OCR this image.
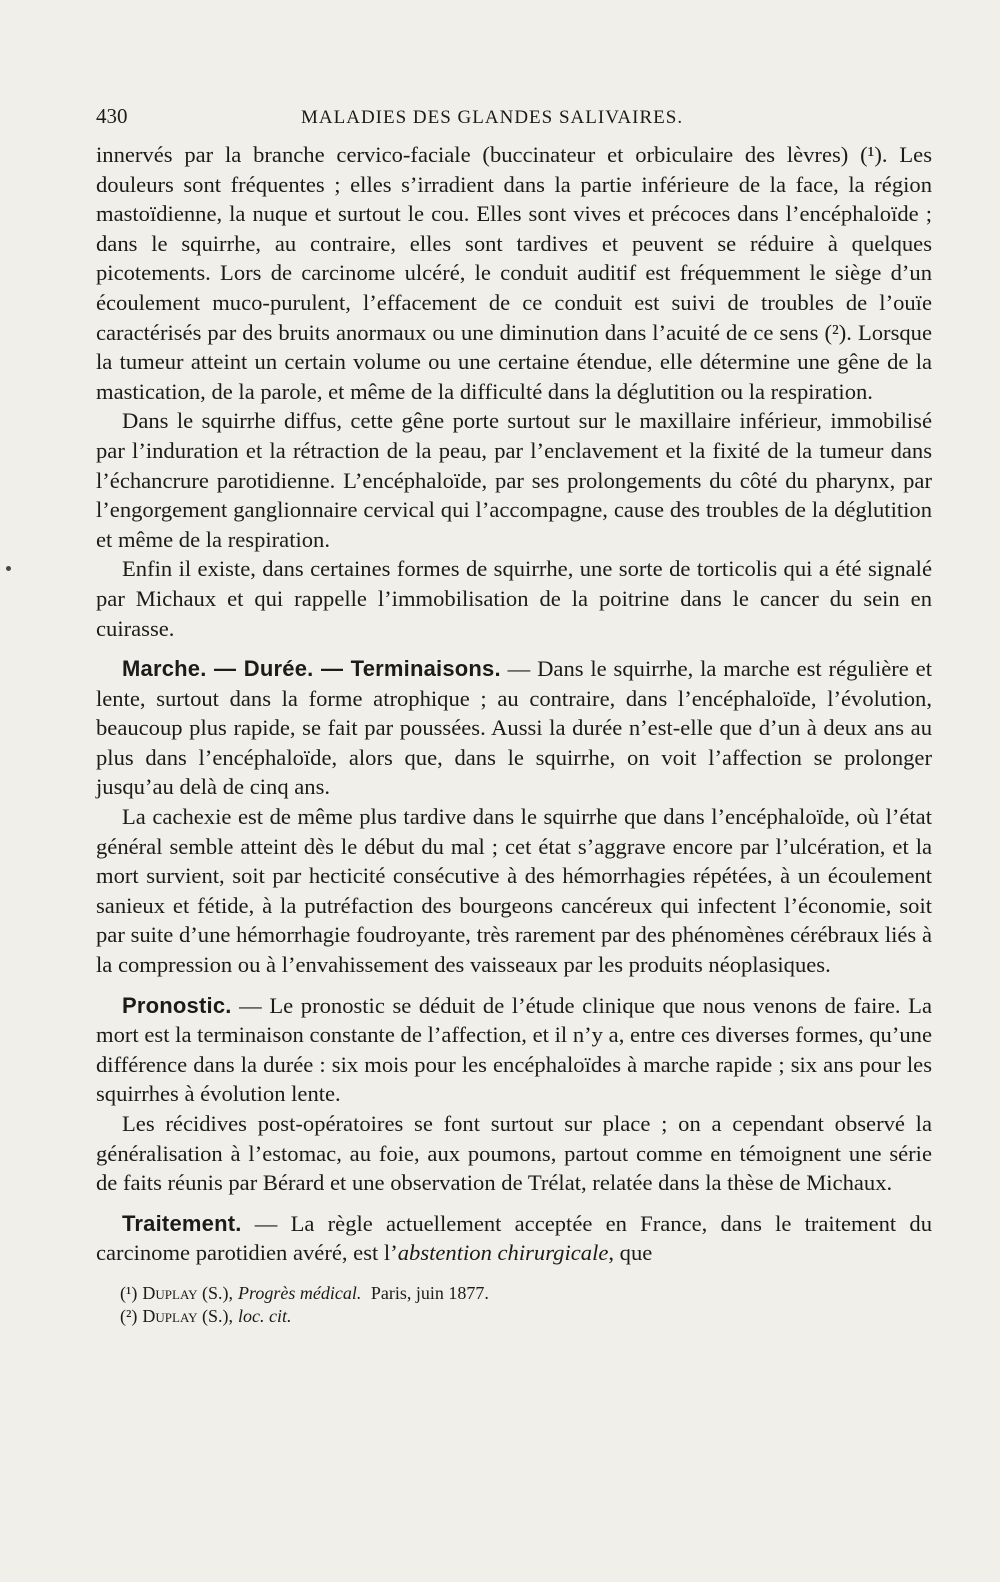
430	MALADIES DES GLANDES SALIVAIRES.

innervés par la branche cervico-faciale (buccinateur et orbiculaire des lèvres) (¹). Les douleurs sont fréquentes ; elles s’irradient dans la partie inférieure de la face, la région mastoïdienne, la nuque et surtout le cou. Elles sont vives et précoces dans l’encéphaloïde ; dans le squirrhe, au contraire, elles sont tardives et peuvent se réduire à quelques picotements. Lors de carcinome ulcéré, le conduit auditif est fréquemment le siège d’un écoulement muco-purulent, l’effacement de ce conduit est suivi de troubles de l’ouïe caractérisés par des bruits anormaux ou une diminution dans l’acuité de ce sens (²). Lorsque la tumeur atteint un certain volume ou une certaine étendue, elle détermine une gêne de la mastication, de la parole, et même de la difficulté dans la déglutition ou la respiration.

Dans le squirrhe diffus, cette gêne porte surtout sur le maxillaire inférieur, immobilisé par l’induration et la rétraction de la peau, par l’enclavement et la fixité de la tumeur dans l’échancrure parotidienne. L’encéphaloïde, par ses prolongements du côté du pharynx, par l’engorgement ganglionnaire cervical qui l’accompagne, cause des troubles de la déglutition et même de la respiration.

Enfin il existe, dans certaines formes de squirrhe, une sorte de torticolis qui a été signalé par Michaux et qui rappelle l’immobilisation de la poitrine dans le cancer du sein en cuirasse.

Marche. — Durée. — Terminaisons. — Dans le squirrhe, la marche est régulière et lente, surtout dans la forme atrophique ; au contraire, dans l’encéphaloïde, l’évolution, beaucoup plus rapide, se fait par poussées. Aussi la durée n’est-elle que d’un à deux ans au plus dans l’encéphaloïde, alors que, dans le squirrhe, on voit l’affection se prolonger jusqu’au delà de cinq ans.

La cachexie est de même plus tardive dans le squirrhe que dans l’encéphaloïde, où l’état général semble atteint dès le début du mal ; cet état s’aggrave encore par l’ulcération, et la mort survient, soit par hecticité consécutive à des hémorrhagies répétées, à un écoulement sanieux et fétide, à la putréfaction des bourgeons cancéreux qui infectent l’économie, soit par suite d’une hémorrhagie foudroyante, très rarement par des phénomènes cérébraux liés à la compression ou à l’envahissement des vaisseaux par les produits néoplasiques.

Pronostic. — Le pronostic se déduit de l’étude clinique que nous venons de faire. La mort est la terminaison constante de l’affection, et il n’y a, entre ces diverses formes, qu’une différence dans la durée : six mois pour les encéphaloïdes à marche rapide ; six ans pour les squirrhes à évolution lente.

Les récidives post-opératoires se font surtout sur place ; on a cependant observé la généralisation à l’estomac, au foie, aux poumons, partout comme en témoignent une série de faits réunis par Bérard et une observation de Trélat, relatée dans la thèse de Michaux.

Traitement. — La règle actuellement acceptée en France, dans le traitement du carcinome parotidien avéré, est l’abstention chirurgicale, que

(¹) Duplay (S.), Progrès médical. Paris, juin 1877.
(²) Duplay (S.), loc. cit.
